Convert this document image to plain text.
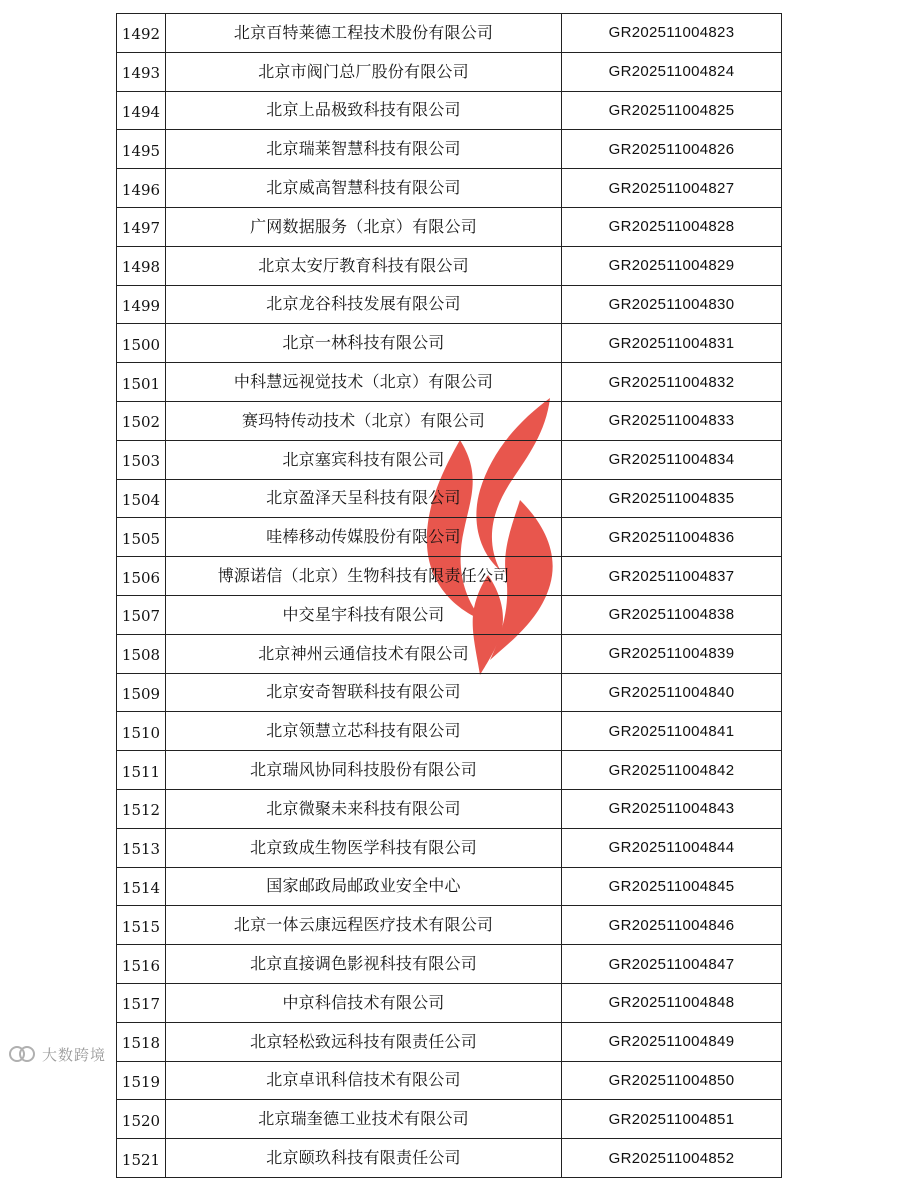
1492	北京百特莱德工程技术股份有限公司	GR202511004823
1493	北京市阀门总厂股份有限公司	GR202511004824
1494	北京上品极致科技有限公司	GR202511004825
1495	北京瑞莱智慧科技有限公司	GR202511004826
1496	北京威高智慧科技有限公司	GR202511004827
1497	广网数据服务（北京）有限公司	GR202511004828
1498	北京太安厅教育科技有限公司	GR202511004829
1499	北京龙谷科技发展有限公司	GR202511004830
1500	北京一林科技有限公司	GR202511004831
1501	中科慧远视觉技术（北京）有限公司	GR202511004832
1502	赛玛特传动技术（北京）有限公司	GR202511004833
1503	北京塞宾科技有限公司	GR202511004834
1504	北京盈泽天呈科技有限公司	GR202511004835
1505	哇棒移动传媒股份有限公司	GR202511004836
1506	博源诺信（北京）生物科技有限责任公司	GR202511004837
1507	中交星宇科技有限公司	GR202511004838
1508	北京神州云通信技术有限公司	GR202511004839
1509	北京安奇智联科技有限公司	GR202511004840
1510	北京领慧立芯科技有限公司	GR202511004841
1511	北京瑞风协同科技股份有限公司	GR202511004842
1512	北京微聚未来科技有限公司	GR202511004843
1513	北京致成生物医学科技有限公司	GR202511004844
1514	国家邮政局邮政业安全中心	GR202511004845
1515	北京一体云康远程医疗技术有限公司	GR202511004846
1516	北京直接调色影视科技有限公司	GR202511004847
1517	中京科信技术有限公司	GR202511004848
1518	北京轻松致远科技有限责任公司	GR202511004849
1519	北京卓讯科信技术有限公司	GR202511004850
1520	北京瑞奎德工业技术有限公司	GR202511004851
1521	北京颐玖科技有限责任公司	GR202511004852
大数跨境
